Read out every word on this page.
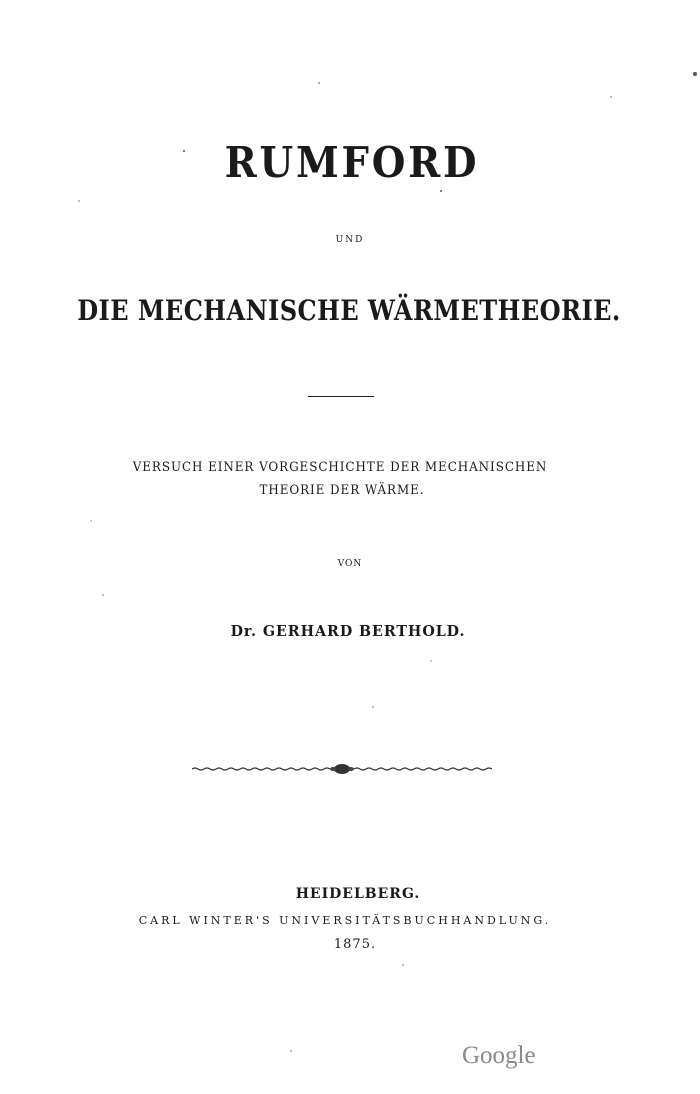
RUMFORD
UND
DIE MECHANISCHE WÄRMETHEORIE.
VERSUCH EINER VORGESCHICHTE DER MECHANISCHEN
THEORIE DER WÄRME.
VON
Dr. GERHARD BERTHOLD.
HEIDELBERG.
CARL WINTER'S UNIVERSITÄTSBUCHHANDLUNG.
1875.
Google
